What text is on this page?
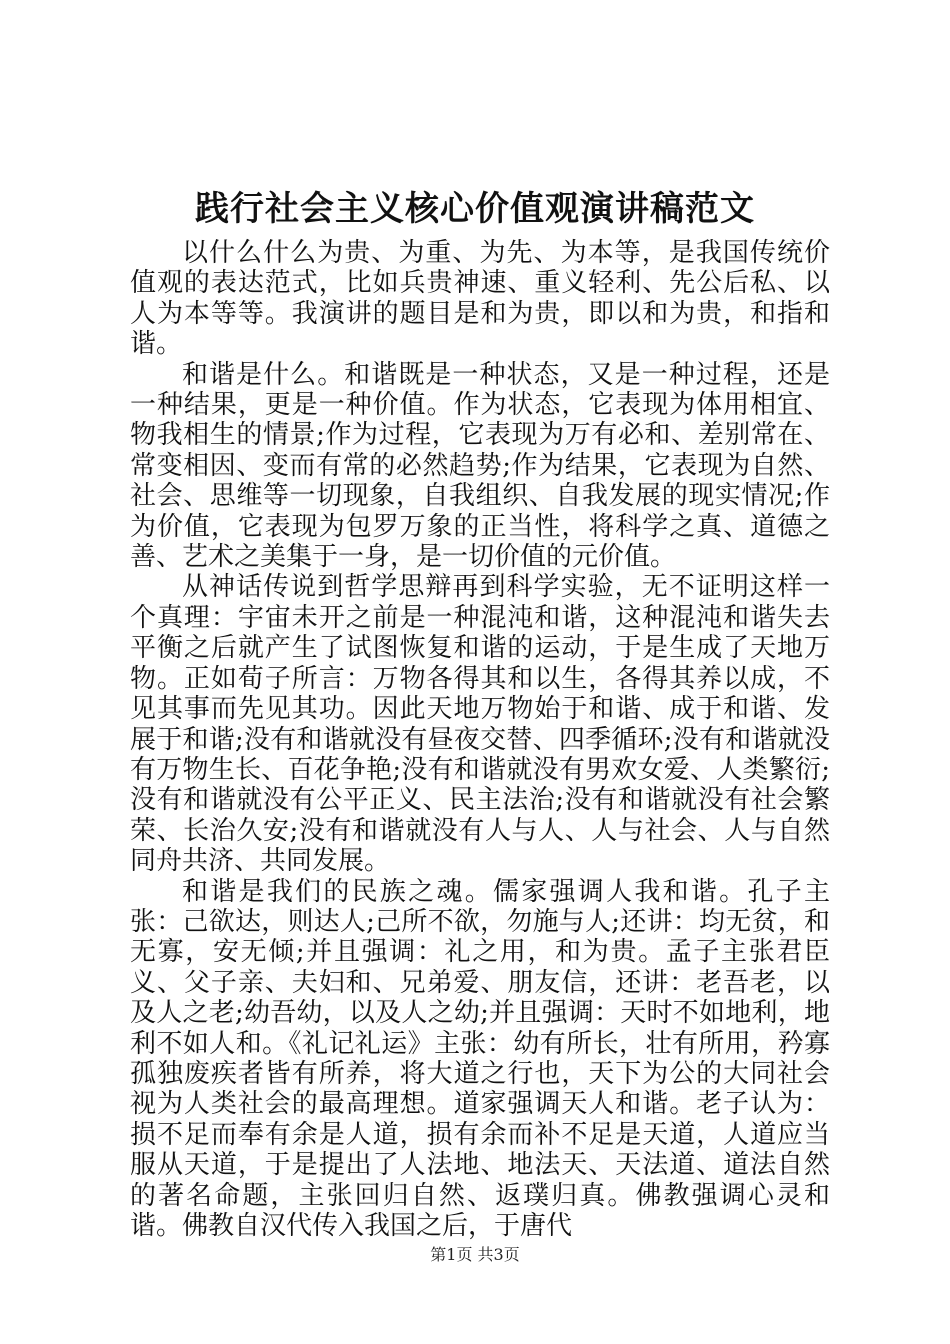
践行社会主义核心价值观演讲稿范文

以什么什么为贵、为重、为先、为本等，是我国传统价值观的表达范式，比如兵贵神速、重义轻利、先公后私、以人为本等等。我演讲的题目是和为贵，即以和为贵，和指和谐。

和谐是什么。和谐既是一种状态，又是一种过程，还是一种结果，更是一种价值。作为状态，它表现为体用相宜、物我相生的情景;作为过程，它表现为万有必和、差别常在、常变相因、变而有常的必然趋势;作为结果，它表现为自然、社会、思维等一切现象，自我组织、自我发展的现实情况;作为价值，它表现为包罗万象的正当性，将科学之真、道德之善、艺术之美集于一身，是一切价值的元价值。

从神话传说到哲学思辩再到科学实验，无不证明这样一个真理：宇宙未开之前是一种混沌和谐，这种混沌和谐失去平衡之后就产生了试图恢复和谐的运动，于是生成了天地万物。正如荀子所言：万物各得其和以生，各得其养以成，不见其事而先见其功。因此天地万物始于和谐、成于和谐、发展于和谐;没有和谐就没有昼夜交替、四季循环;没有和谐就没有万物生长、百花争艳;没有和谐就没有男欢女爱、人类繁衍;没有和谐就没有公平正义、民主法治;没有和谐就没有社会繁荣、长治久安;没有和谐就没有人与人、人与社会、人与自然同舟共济、共同发展。

和谐是我们的民族之魂。儒家强调人我和谐。孔子主张：己欲达，则达人;己所不欲，勿施与人;还讲：均无贫，和无寡，安无倾;并且强调：礼之用，和为贵。孟子主张君臣义、父子亲、夫妇和、兄弟爱、朋友信，还讲：老吾老，以及人之老;幼吾幼，以及人之幼;并且强调：天时不如地利，地利不如人和。《礼记礼运》主张：幼有所长，壮有所用，矜寡孤独废疾者皆有所养，将大道之行也，天下为公的大同社会视为人类社会的最高理想。道家强调天人和谐。老子认为：损不足而奉有余是人道，损有余而补不足是天道，人道应当服从天道，于是提出了人法地、地法天、天法道、道法自然的著名命题，主张回归自然、返璞归真。佛教强调心灵和谐。佛教自汉代传入我国之后，于唐代

第1页 共3页
